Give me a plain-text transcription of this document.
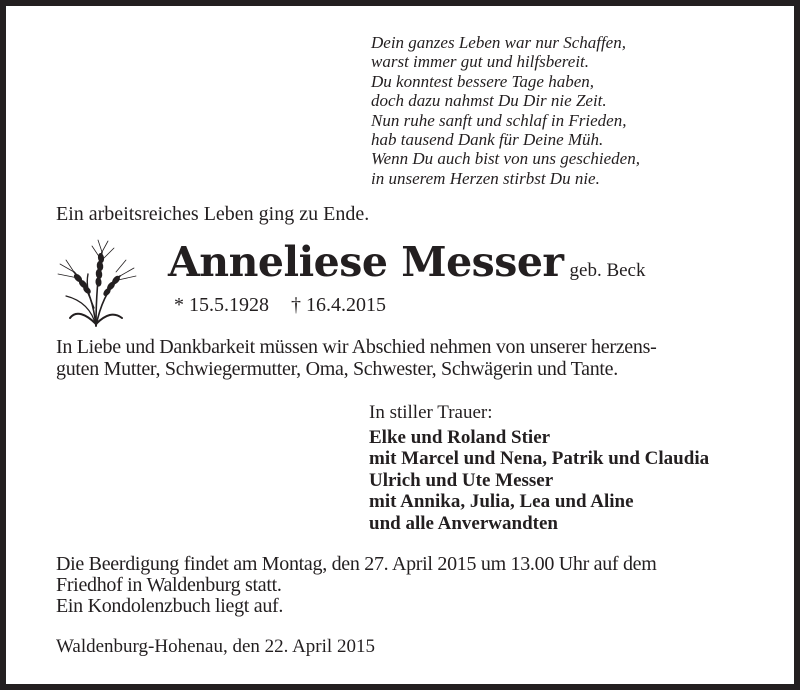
Dein ganzes Leben war nur Schaffen,
warst immer gut und hilfsbereit.
Du konntest bessere Tage haben,
doch dazu nahmst Du Dir nie Zeit.
Nun ruhe sanft und schlaf in Frieden,
hab tausend Dank für Deine Müh.
Wenn Du auch bist von uns geschieden,
in unserem Herzen stirbst Du nie.
Ein arbeitsreiches Leben ging zu Ende.
Anneliese Messer geb. Beck
* 15.5.1928 † 16.4.2015
In Liebe und Dankbarkeit müssen wir Abschied nehmen von unserer herzens-
guten Mutter, Schwiegermutter, Oma, Schwester, Schwägerin und Tante.
In stiller Trauer:
Elke und Roland Stier
mit Marcel und Nena, Patrik und Claudia
Ulrich und Ute Messer
mit Annika, Julia, Lea und Aline
und alle Anverwandten
Die Beerdigung findet am Montag, den 27. April 2015 um 13.00 Uhr auf dem
Friedhof in Waldenburg statt.
Ein Kondolenzbuch liegt auf.
Waldenburg-Hohenau, den 22. April 2015
